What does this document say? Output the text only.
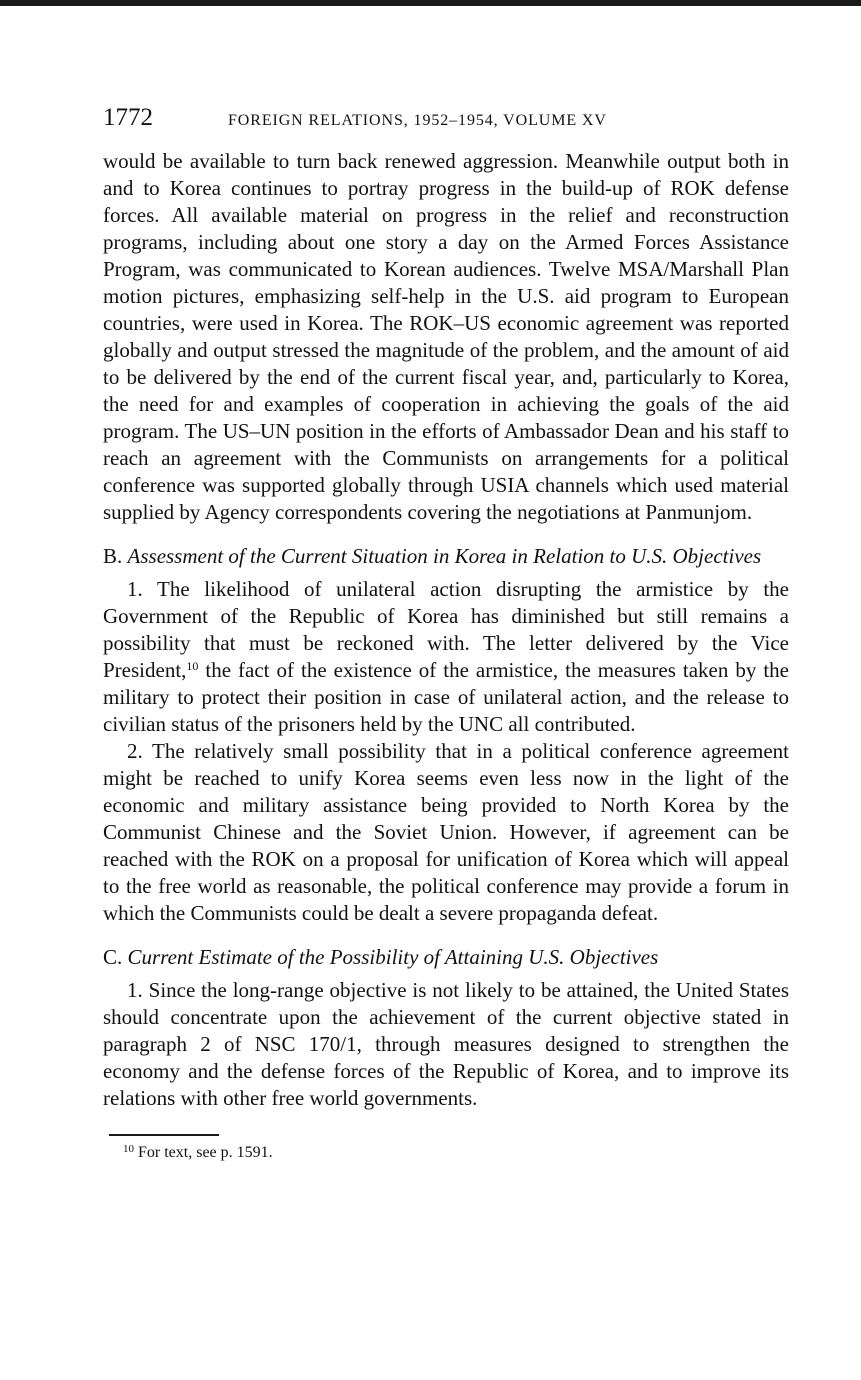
1772	FOREIGN RELATIONS, 1952–1954, VOLUME XV

would be available to turn back renewed aggression. Meanwhile output both in and to Korea continues to portray progress in the build-up of ROK defense forces. All available material on progress in the relief and reconstruction programs, including about one story a day on the Armed Forces Assistance Program, was communicated to Korean audiences. Twelve MSA/Marshall Plan motion pictures, emphasizing self-help in the U.S. aid program to European countries, were used in Korea. The ROK–US economic agreement was reported globally and output stressed the magnitude of the problem, and the amount of aid to be delivered by the end of the current fiscal year, and, particularly to Korea, the need for and examples of cooperation in achieving the goals of the aid program. The US–UN position in the efforts of Ambassador Dean and his staff to reach an agreement with the Communists on arrangements for a political conference was supported globally through USIA channels which used material supplied by Agency correspondents covering the negotiations at Panmunjom.

B. Assessment of the Current Situation in Korea in Relation to U.S. Objectives

1. The likelihood of unilateral action disrupting the armistice by the Government of the Republic of Korea has diminished but still remains a possibility that must be reckoned with. The letter delivered by the Vice President,$^{10}$ the fact of the existence of the armistice, the measures taken by the military to protect their position in case of unilateral action, and the release to civilian status of the prisoners held by the UNC all contributed.

2. The relatively small possibility that in a political conference agreement might be reached to unify Korea seems even less now in the light of the economic and military assistance being provided to North Korea by the Communist Chinese and the Soviet Union. However, if agreement can be reached with the ROK on a proposal for unification of Korea which will appeal to the free world as reasonable, the political conference may provide a forum in which the Communists could be dealt a severe propaganda defeat.

C. Current Estimate of the Possibility of Attaining U.S. Objectives

1. Since the long-range objective is not likely to be attained, the United States should concentrate upon the achievement of the current objective stated in paragraph 2 of NSC 170/1, through measures designed to strengthen the economy and the defense forces of the Republic of Korea, and to improve its relations with other free world governments.

$^{10}$ For text, see p. 1591.
